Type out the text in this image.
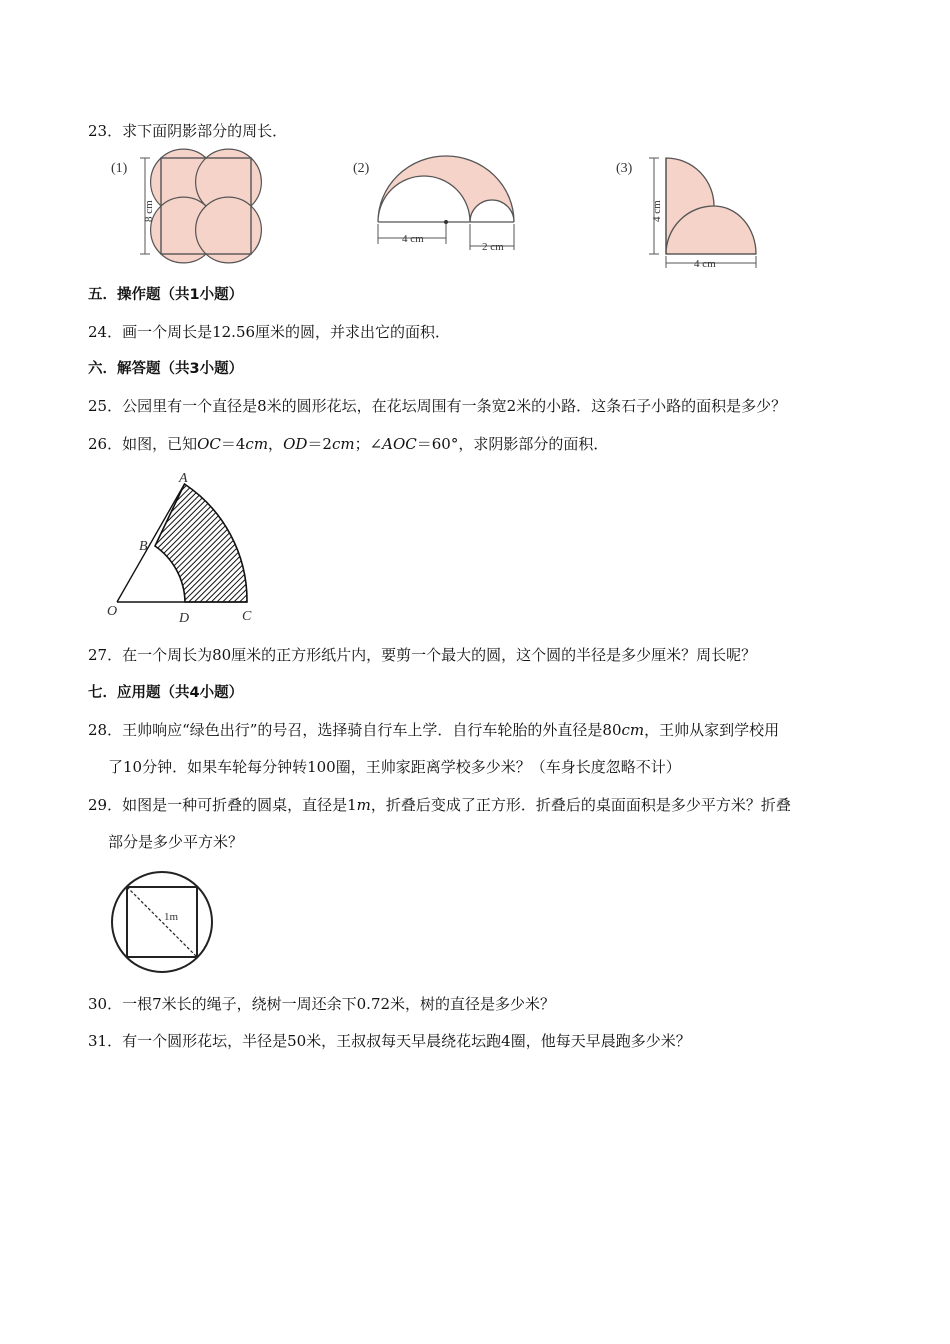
23．求下面阴影部分的周长．
(1)
8 cm
(2)
4 cm
2 cm
(3)
4 cm
4 cm
五．操作题（共1小题）
24．画一个周长是12.56厘米的圆，并求出它的面积．
六．解答题（共3小题）
25．公园里有一个直径是8米的圆形花坛，在花坛周围有一条宽2米的小路．这条石子小路的面积是多少？
26．如图，已知OC＝4cm，OD＝2cm；∠AOC＝60°，求阴影部分的面积．
A
B
O	D	C
27．在一个周长为80厘米的正方形纸片内，要剪一个最大的圆，这个圆的半径是多少厘米？周长呢？
七．应用题（共4小题）
28．王帅响应“绿色出行”的号召，选择骑自行车上学．自行车轮胎的外直径是80cm，王帅从家到学校用
了10分钟．如果车轮每分钟转100圈，王帅家距离学校多少米？（车身长度忽略不计）
29．如图是一种可折叠的圆桌，直径是1m，折叠后变成了正方形．折叠后的桌面面积是多少平方米？折叠
部分是多少平方米？
1m
30．一根7米长的绳子，绕树一周还余下0.72米，树的直径是多少米？
31．有一个圆形花坛，半径是50米，王叔叔每天早晨绕花坛跑4圈，他每天早晨跑多少米？
